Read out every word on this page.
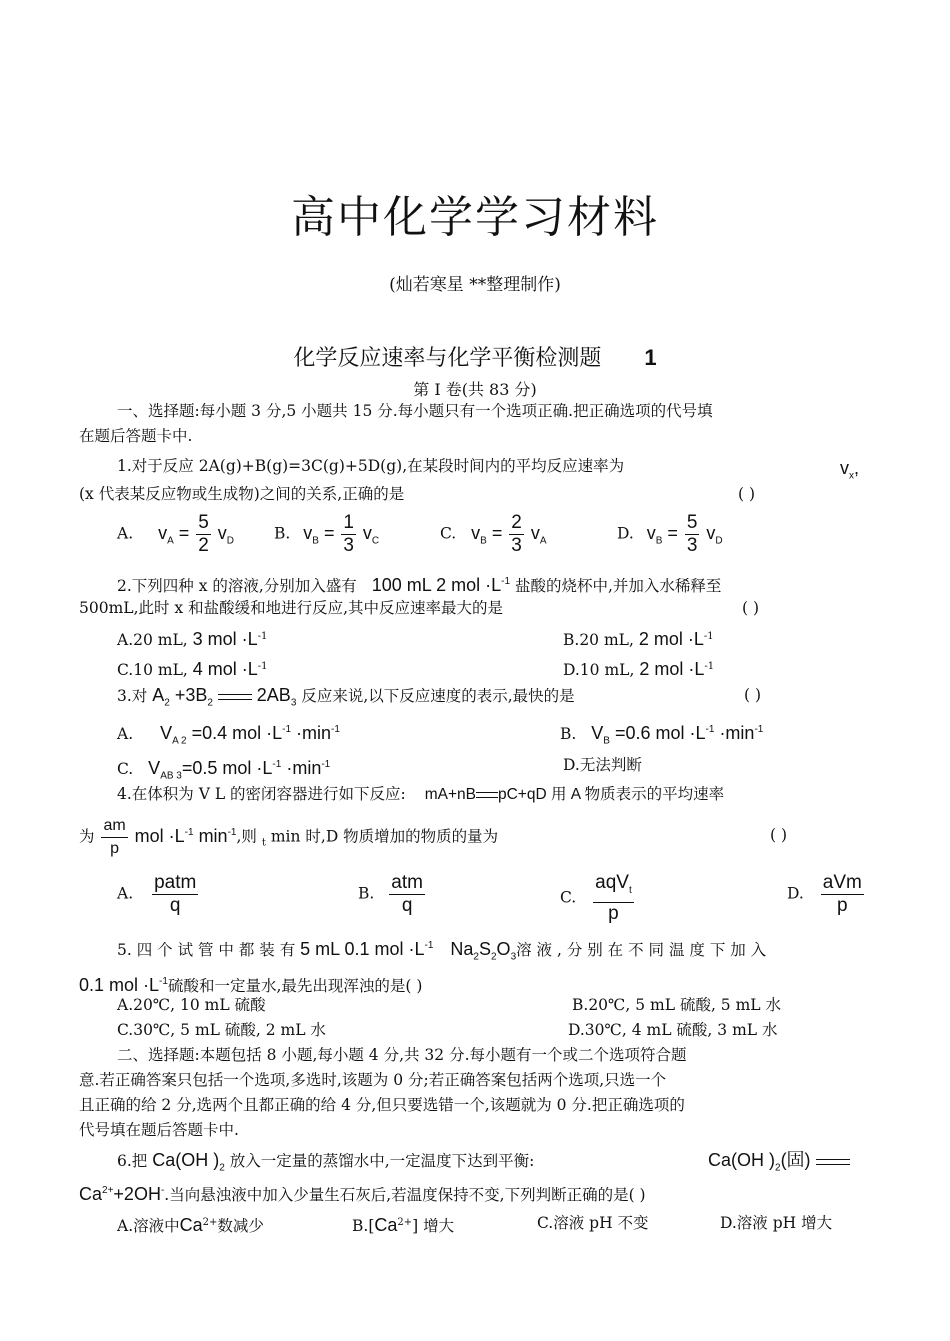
高中化学学习材料
(灿若寒星 **整理制作)
化学反应速率与化学平衡检测题 1
第 I 卷(共 83 分)
一、选择题:每小题 3 分,5 小题共 15 分.每小题只有一个选项正确.把正确选项的代号填
在题后答题卡中.
1.对于反应 2A(g)+B(g)=3C(g)+5D(g),在某段时间内的平均反应速率为	$v_x$,
(x 代表某反应物或生成物)之间的关系,正确的是	( )
A. $v_A = \frac{5}{2} v_D$	B. $v_B = \frac{1}{3} v_C$	C. $v_B = \frac{2}{3} v_A$	D. $v_B = \frac{5}{3} v_D$
2.下列四种 x 的溶液,分别加入盛有 100 mL 2 mol $\cdot L^{-1}$ 盐酸的烧杯中,并加入水稀释至
500mL,此时 x 和盐酸缓和地进行反应,其中反应速率最大的是	( )
A.20 mL, 3 mol $\cdot L^{-1}$	B.20 mL, 2 mol $\cdot L^{-1}$
C.10 mL, 4 mol $\cdot L^{-1}$	D.10 mL, 2 mol $\cdot L^{-1}$
3.对 $A_2 +3B_2$ $2AB_3$ 反应来说,以下反应速度的表示,最快的是	( )
A. $V_{A 2} =0.4$ mol $\cdot L^{-1} \cdot\min^{-1}$	B. $V_B =0.6$ mol $\cdot L^{-1} \cdot\min^{-1}$
C. $V_{AB 3}=0.5$ mol $\cdot L^{-1} \cdot\min^{-1}$	D.无法判断
4.在体积为 V L 的密闭容器进行如下反应: mA+nB pC+qD 用 A 物质表示的平均速率
为 $\frac{am}{p}$ mol $\cdot L^{-1}$ $\min^{-1}$,则 $_t$ min 时,D 物质增加的物质的量为	( )
A. $\frac{\text{patm}}{q}$	B. $\frac{\text{atm}}{q}$	C. $\frac{aqV_t}{p}$	D. $\frac{\text{aVm}}{p}$
5. 四 个 试 管 中 都 装 有 5 mL 0.1 mol $\cdot L^{-1}$ $Na_2S_2O_3$溶 液 , 分 别 在 不 同 温 度 下 加 入
0.1 mol $\cdot L^{-1}$硫酸和一定量水,最先出现浑浊的是( )
A.20℃, 10 mL 硫酸	B.20℃, 5 mL 硫酸, 5 mL 水
C.30℃, 5 mL 硫酸, 2 mL 水	D.30℃, 4 mL 硫酸, 3 mL 水
二、选择题:本题包括 8 小题,每小题 4 分,共 32 分.每小题有一个或二个选项符合题
意.若正确答案只包括一个选项,多选时,该题为 0 分;若正确答案包括两个选项,只选一个
且正确的给 2 分,选两个且都正确的给 4 分,但只要选错一个,该题就为 0 分.把正确选项的
代号填在题后答题卡中.
6.把 Ca(OH )$_2$ 放入一定量的蒸馏水中,一定温度下达到平衡:	Ca(OH )$_2$(固)
$Ca^{2+}+2OH^-$.当向悬浊液中加入少量生石灰后,若温度保持不变,下列判断正确的是( )
A.溶液中$Ca^{2+}$数减少	$B.[Ca^{2+}]$ 增大	C.溶液 pH 不变	D.溶液 pH 增大
